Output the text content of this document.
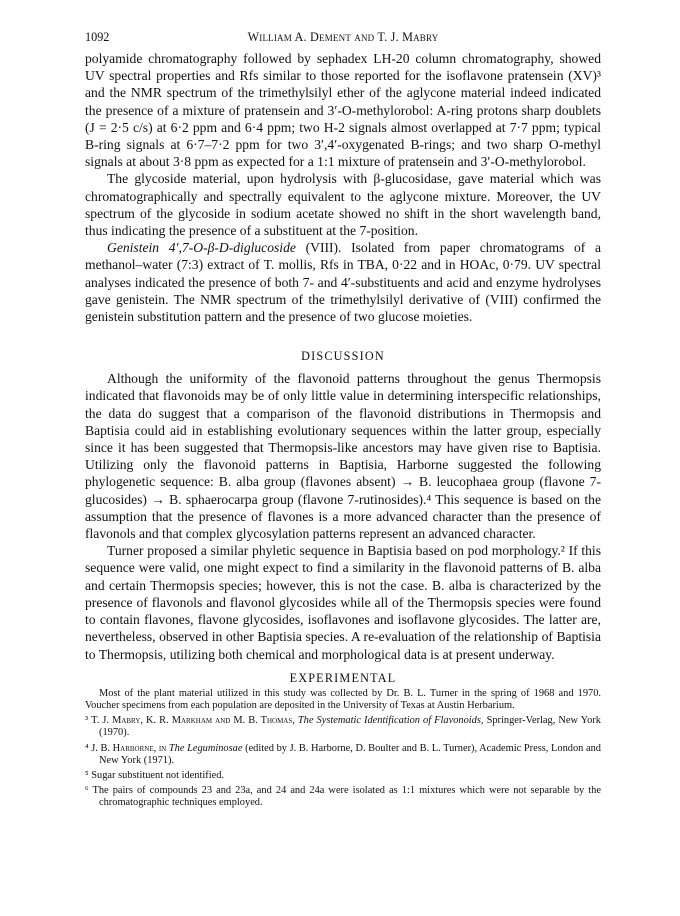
1092	William A. Dement and T. J. Mabry

polyamide chromatography followed by sephadex LH-20 column chromatography, showed UV spectral properties and Rfs similar to those reported for the isoflavone pratensein (XV)³ and the NMR spectrum of the trimethylsilyl ether of the aglycone material indeed indicated the presence of a mixture of pratensein and 3′-O-methylorobol: A-ring protons sharp doublets (J = 2·5 c/s) at 6·2 ppm and 6·4 ppm; two H-2 signals almost overlapped at 7·7 ppm; typical B-ring signals at 6·7–7·2 ppm for two 3′,4′-oxygenated B-rings; and two sharp O-methyl signals at about 3·8 ppm as expected for a 1:1 mixture of pratensein and 3′-O-methylorobol.

The glycoside material, upon hydrolysis with β-glucosidase, gave material which was chromatographically and spectrally equivalent to the aglycone mixture. Moreover, the UV spectrum of the glycoside in sodium acetate showed no shift in the short wavelength band, thus indicating the presence of a substituent at the 7-position.

Genistein 4′,7-O-β-D-diglucoside (VIII). Isolated from paper chromatograms of a methanol–water (7:3) extract of T. mollis, Rfs in TBA, 0·22 and in HOAc, 0·79. UV spectral analyses indicated the presence of both 7- and 4′-substituents and acid and enzyme hydrolyses gave genistein. The NMR spectrum of the trimethylsilyl derivative of (VIII) confirmed the genistein substitution pattern and the presence of two glucose moieties.

DISCUSSION

Although the uniformity of the flavonoid patterns throughout the genus Thermopsis indicated that flavonoids may be of only little value in determining interspecific relationships, the data do suggest that a comparison of the flavonoid distributions in Thermopsis and Baptisia could aid in establishing evolutionary sequences within the latter group, especially since it has been suggested that Thermopsis-like ancestors may have given rise to Baptisia. Utilizing only the flavonoid patterns in Baptisia, Harborne suggested the following phylogenetic sequence: B. alba group (flavones absent) → B. leucophaea group (flavone 7-glucosides) → B. sphaerocarpa group (flavone 7-rutinosides).⁴ This sequence is based on the assumption that the presence of flavones is a more advanced character than the presence of flavonols and that complex glycosylation patterns represent an advanced character.

Turner proposed a similar phyletic sequence in Baptisia based on pod morphology.² If this sequence were valid, one might expect to find a similarity in the flavonoid patterns of B. alba and certain Thermopsis species; however, this is not the case. B. alba is characterized by the presence of flavonols and flavonol glycosides while all of the Thermopsis species were found to contain flavones, flavone glycosides, isoflavones and isoflavone glycosides. The latter are, nevertheless, observed in other Baptisia species. A re-evaluation of the relationship of Baptisia to Thermopsis, utilizing both chemical and morphological data is at present underway.

EXPERIMENTAL

Most of the plant material utilized in this study was collected by Dr. B. L. Turner in the spring of 1968 and 1970. Voucher specimens from each population are deposited in the University of Texas at Austin Herbarium.

³ T. J. Mabry, K. R. Markham and M. B. Thomas, The Systematic Identification of Flavonoids, Springer-Verlag, New York (1970).

⁴ J. B. Harborne, in The Leguminosae (edited by J. B. Harborne, D. Boulter and B. L. Turner), Academic Press, London and New York (1971).

⁵ Sugar substituent not identified.

⁶ The pairs of compounds 23 and 23a, and 24 and 24a were isolated as 1:1 mixtures which were not separable by the chromatographic techniques employed.
